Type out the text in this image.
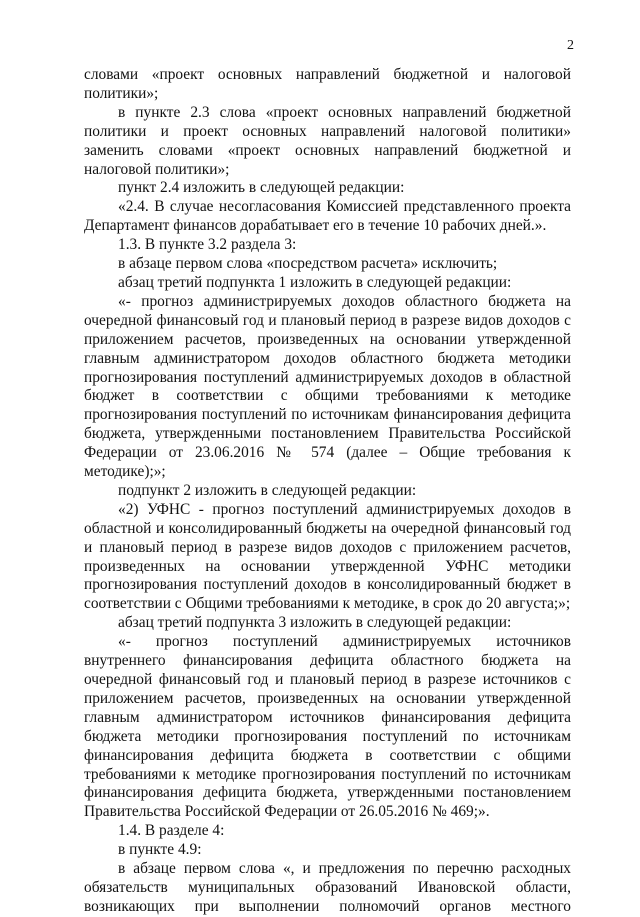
2

словами «проект основных направлений бюджетной и налоговой политики»;

в пункте 2.3 слова «проект основных направлений бюджетной политики и проект основных направлений налоговой политики» заменить словами «проект основных направлений бюджетной и налоговой политики»;

пункт 2.4 изложить в следующей редакции:

«2.4. В случае несогласования Комиссией представленного проекта Департамент финансов дорабатывает его в течение 10 рабочих дней.».

1.3. В пункте 3.2 раздела 3:

в абзаце первом слова «посредством расчета» исключить;

абзац третий подпункта 1 изложить в следующей редакции:

«- прогноз администрируемых доходов областного бюджета на очередной финансовый год и плановый период в разрезе видов доходов с приложением расчетов, произведенных на основании утвержденной главным администратором доходов областного бюджета методики прогнозирования поступлений администрируемых доходов в областной бюджет в соответствии с общими требованиями к методике прогнозирования поступлений по источникам финансирования дефицита бюджета, утвержденными постановлением Правительства Российской Федерации от 23.06.2016 № 574 (далее – Общие требования к методике);»;

подпункт 2 изложить в следующей редакции:

«2) УФНС - прогноз поступлений администрируемых доходов в областной и консолидированный бюджеты на очередной финансовый год и плановый период в разрезе видов доходов с приложением расчетов, произведенных на основании утвержденной УФНС методики прогнозирования поступлений доходов в консолидированный бюджет в соответствии с Общими требованиями к методике, в срок до 20 августа;»;

абзац третий подпункта 3 изложить в следующей редакции:

«- прогноз поступлений администрируемых источников внутреннего финансирования дефицита областного бюджета на очередной финансовый год и плановый период в разрезе источников с приложением расчетов, произведенных на основании утвержденной главным администратором источников финансирования дефицита бюджета методики прогнозирования поступлений по источникам финансирования дефицита бюджета в соответствии с общими требованиями к методике прогнозирования поступлений по источникам финансирования дефицита бюджета, утвержденными постановлением Правительства Российской Федерации от 26.05.2016 № 469;».

1.4. В разделе 4:

в пункте 4.9:

в абзаце первом слова «, и предложения по перечню расходных обязательств муниципальных образований Ивановской области, возникающих при выполнении полномочий органов местного
